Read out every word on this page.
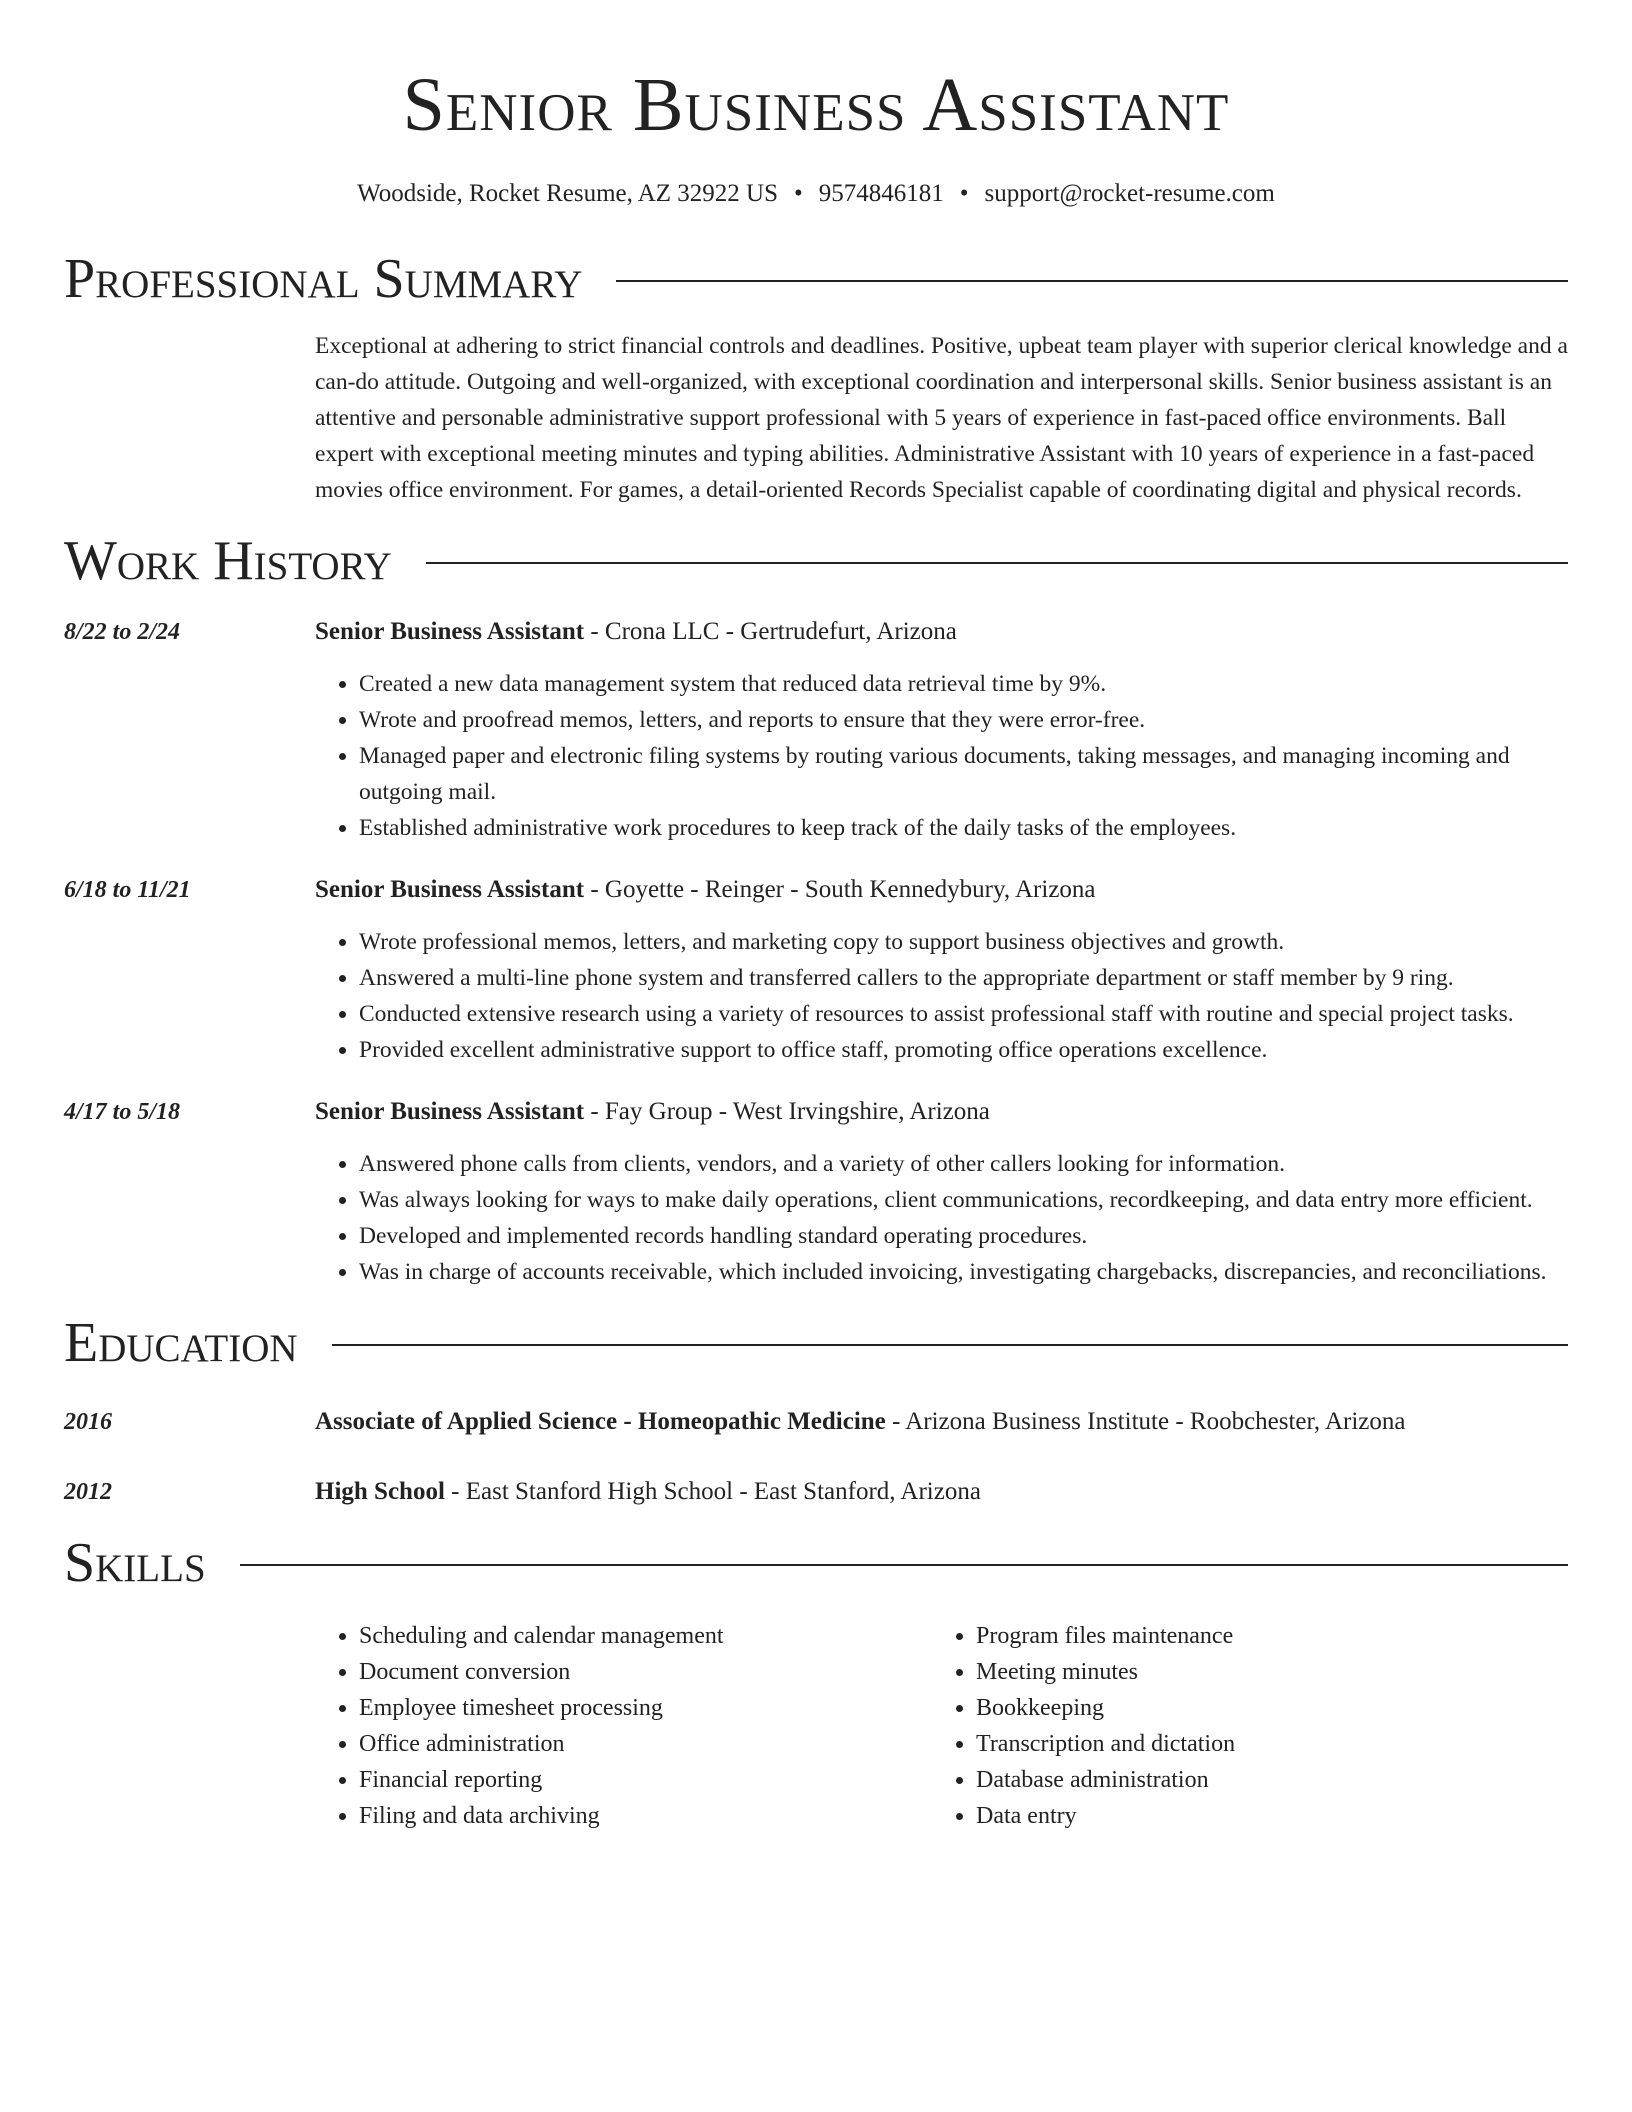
Senior Business Assistant
Woodside, Rocket Resume, AZ 32922 US • 9574846181 • support@rocket-resume.com
Professional Summary
Exceptional at adhering to strict financial controls and deadlines. Positive, upbeat team player with superior clerical knowledge and a can-do attitude. Outgoing and well-organized, with exceptional coordination and interpersonal skills. Senior business assistant is an attentive and personable administrative support professional with 5 years of experience in fast-paced office environments. Ball expert with exceptional meeting minutes and typing abilities. Administrative Assistant with 10 years of experience in a fast-paced movies office environment. For games, a detail-oriented Records Specialist capable of coordinating digital and physical records.
Work History
8/22 to 2/24	Senior Business Assistant - Crona LLC - Gertrudefurt, Arizona
• Created a new data management system that reduced data retrieval time by 9%.
• Wrote and proofread memos, letters, and reports to ensure that they were error-free.
• Managed paper and electronic filing systems by routing various documents, taking messages, and managing incoming and outgoing mail.
• Established administrative work procedures to keep track of the daily tasks of the employees.
6/18 to 11/21	Senior Business Assistant - Goyette - Reinger - South Kennedybury, Arizona
• Wrote professional memos, letters, and marketing copy to support business objectives and growth.
• Answered a multi-line phone system and transferred callers to the appropriate department or staff member by 9 ring.
• Conducted extensive research using a variety of resources to assist professional staff with routine and special project tasks.
• Provided excellent administrative support to office staff, promoting office operations excellence.
4/17 to 5/18	Senior Business Assistant - Fay Group - West Irvingshire, Arizona
• Answered phone calls from clients, vendors, and a variety of other callers looking for information.
• Was always looking for ways to make daily operations, client communications, recordkeeping, and data entry more efficient.
• Developed and implemented records handling standard operating procedures.
• Was in charge of accounts receivable, which included invoicing, investigating chargebacks, discrepancies, and reconciliations.
Education
2016	Associate of Applied Science - Homeopathic Medicine - Arizona Business Institute - Roobchester, Arizona
2012	High School - East Stanford High School - East Stanford, Arizona
Skills
• Scheduling and calendar management
• Document conversion
• Employee timesheet processing
• Office administration
• Financial reporting
• Filing and data archiving
• Program files maintenance
• Meeting minutes
• Bookkeeping
• Transcription and dictation
• Database administration
• Data entry
